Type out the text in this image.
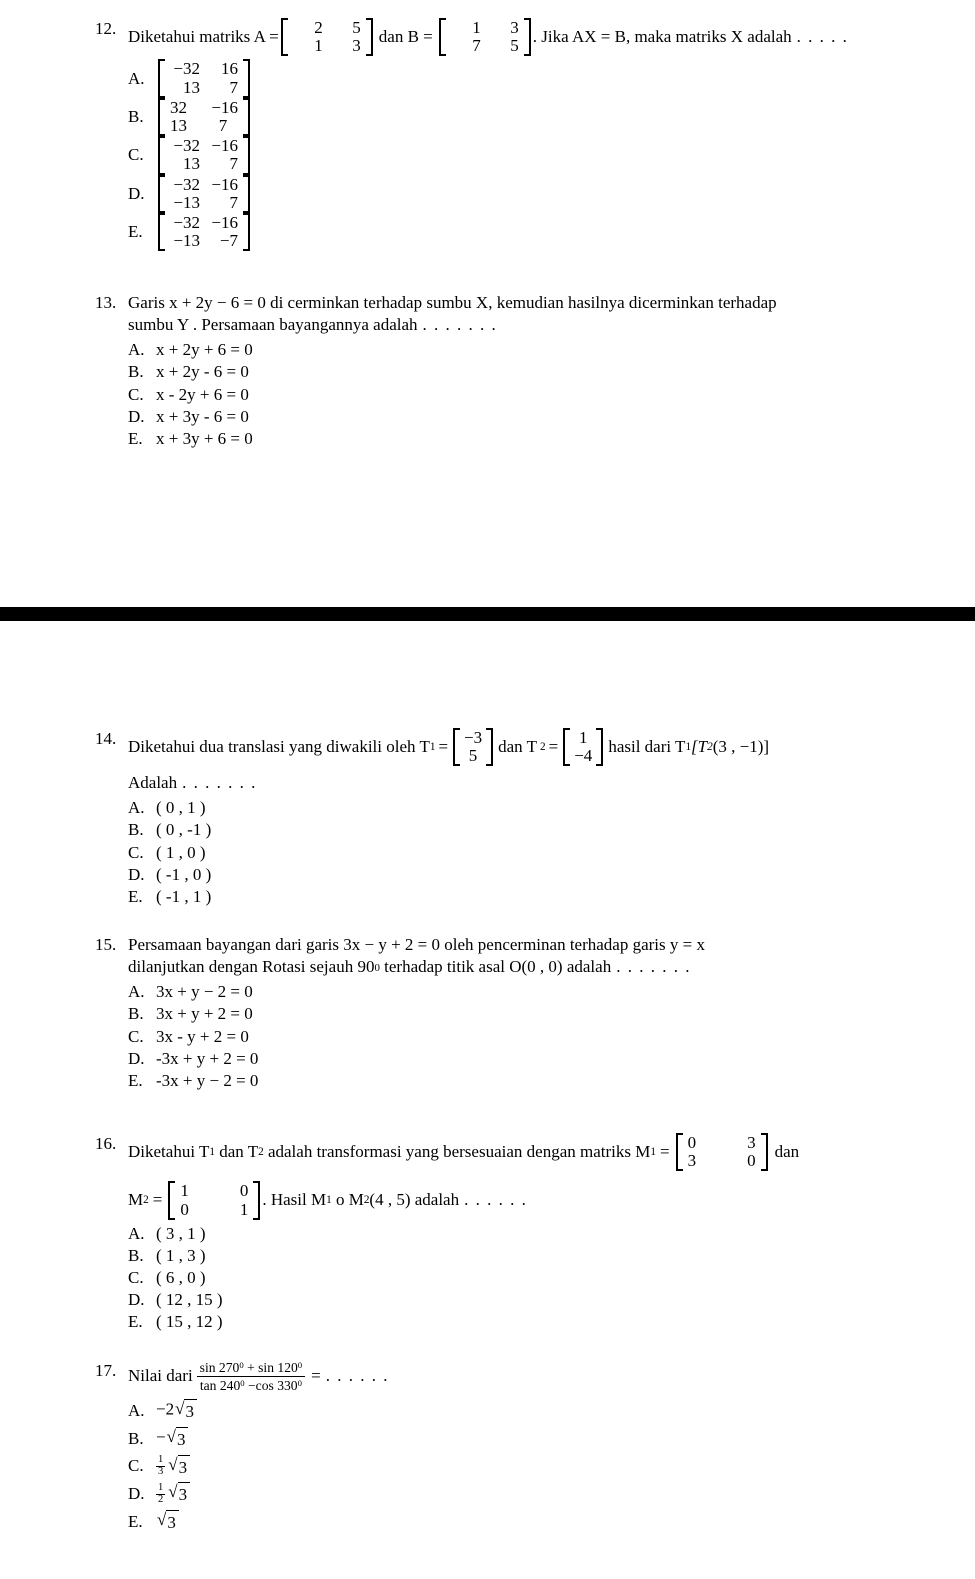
12. Diketahui matriks A =	2	5
1	3 dan B =	1	3
7	5 . Jika AX = B, maka matriks X adalah . . . . .
A.	−32	16
13	7
B.	32	−16
13	7
C.	−32 −16
13	7
D.	−32 −16
−13	7
E.	−32 −16
−13	−7
13. Garis x + 2y − 6 = 0 di cerminkan terhadap sumbu X, kemudian hasilnya dicerminkan terhadap
sumbu Y . Persamaan bayangannya adalah . . . . . . .
A. x + 2y + 6 = 0
B. x + 2y - 6 = 0
C. x - 2y + 6 = 0
D. x + 3y - 6 = 0
E. x + 3y + 6 = 0
14. Diketahui dua translasi yang diwakili oleh T 1 = −3
5	dan T 2 =	1
−4 hasil dari T 1 [T 2 (3 , −1)]
Adalah . . . . . . .
A. ( 0 , 1 )
B. ( 0 , -1 )
C. ( 1 , 0 )
D. ( -1 , 0 )
E. ( -1 , 1 )
15. Persamaan bayangan dari garis 3x − y + 2 = 0 oleh pencerminan terhadap garis y = x
dilanjutkan dengan Rotasi sejauh 90 0 terhadap titik asal O(0 , 0) adalah . . . . . . .
A. 3x + y − 2 = 0
B. 3x + y + 2 = 0
C. 3x - y + 2 = 0
D. -3x + y + 2 = 0
E. -3x + y − 2 = 0
16. Diketahui T 1 dan T 2 adalah transformasi yang bersesuaian dengan matriks M 1 = 0	3
3	0 dan
M 2 = 1	0
0	1 . Hasil M 1 o M 2 (4 , 5) adalah . . . . . .
A. ( 3 , 1 )
B. ( 1 , 3 )
C. ( 6 , 0 )
D. ( 12 , 15 )
E. ( 15 , 12 )
17. Nilai dari $\frac{\sin 270^0 + \sin 120^0}{\tan 240^0 -\cos 330^0}$ = . . . . . .
A. −2 √ 3
B. − √ 3
C.	$\frac{1}{3}$ √ 3
D.	$\frac{1}{2}$ √ 3
E. √ 3
